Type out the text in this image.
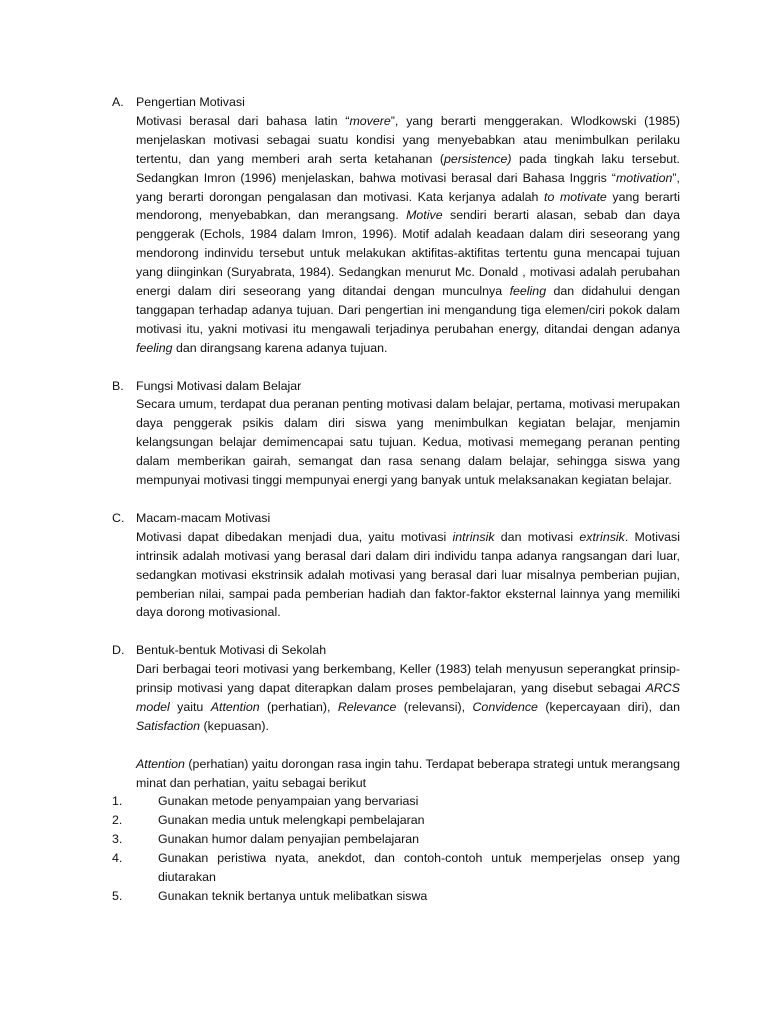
A. Pengertian Motivasi

Motivasi berasal dari bahasa latin “movere”, yang berarti menggerakan. Wlodkowski (1985) menjelaskan motivasi sebagai suatu kondisi yang menyebabkan atau menimbulkan perilaku tertentu, dan yang memberi arah serta ketahanan (persistence) pada tingkah laku tersebut. Sedangkan Imron (1996) menjelaskan, bahwa motivasi berasal dari Bahasa Inggris “motivation”, yang berarti dorongan pengalasan dan motivasi. Kata kerjanya adalah to motivate yang berarti mendorong, menyebabkan, dan merangsang. Motive sendiri berarti alasan, sebab dan daya penggerak (Echols, 1984 dalam Imron, 1996). Motif adalah keadaan dalam diri seseorang yang mendorong indinvidu tersebut untuk melakukan aktifitas-aktifitas tertentu guna mencapai tujuan yang diinginkan (Suryabrata, 1984). Sedangkan menurut Mc. Donald , motivasi adalah perubahan energi dalam diri seseorang yang ditandai dengan munculnya feeling dan didahului dengan tanggapan terhadap adanya tujuan. Dari pengertian ini mengandung tiga elemen/ciri pokok dalam motivasi itu, yakni motivasi itu mengawali terjadinya perubahan energy, ditandai dengan adanya feeling dan dirangsang karena adanya tujuan.

B. Fungsi Motivasi dalam Belajar

Secara umum, terdapat dua peranan penting motivasi dalam belajar, pertama, motivasi merupakan daya penggerak psikis dalam diri siswa yang menimbulkan kegiatan belajar, menjamin kelangsungan belajar demimencapai satu tujuan. Kedua, motivasi memegang peranan penting dalam memberikan gairah, semangat dan rasa senang dalam belajar, sehingga siswa yang mempunyai motivasi tinggi mempunyai energi yang banyak untuk melaksanakan kegiatan belajar.

C. Macam-macam Motivasi

Motivasi dapat dibedakan menjadi dua, yaitu motivasi intrinsik dan motivasi extrinsik. Motivasi intrinsik adalah motivasi yang berasal dari dalam diri individu tanpa adanya rangsangan dari luar, sedangkan motivasi ekstrinsik adalah motivasi yang berasal dari luar misalnya pemberian pujian, pemberian nilai, sampai pada pemberian hadiah dan faktor-faktor eksternal lainnya yang memiliki daya dorong motivasional.

D. Bentuk-bentuk Motivasi di Sekolah

Dari berbagai teori motivasi yang berkembang, Keller (1983) telah menyusun seperangkat prinsip-prinsip motivasi yang dapat diterapkan dalam proses pembelajaran, yang disebut sebagai ARCS model yaitu Attention (perhatian), Relevance (relevansi), Convidence (kepercayaan diri), dan Satisfaction (kepuasan).

Attention (perhatian) yaitu dorongan rasa ingin tahu. Terdapat beberapa strategi untuk merangsang minat dan perhatian, yaitu sebagai berikut

1.	Gunakan metode penyampaian yang bervariasi
2.	Gunakan media untuk melengkapi pembelajaran
3.	Gunakan humor dalam penyajian pembelajaran
4.	Gunakan peristiwa nyata, anekdot, dan contoh-contoh untuk memperjelas onsep yang diutarakan
5.	Gunakan teknik bertanya untuk melibatkan siswa
